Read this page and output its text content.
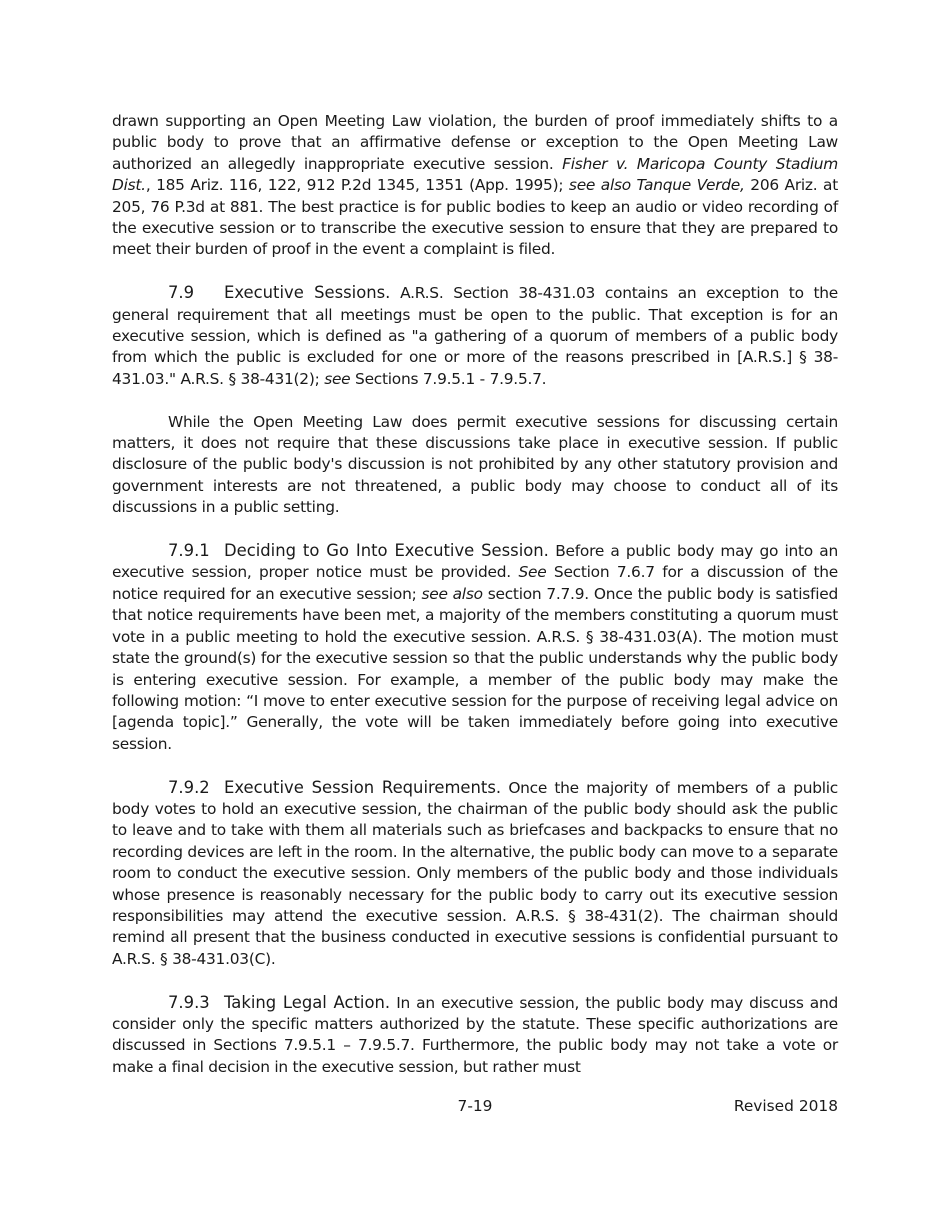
drawn supporting an Open Meeting Law violation, the burden of proof immediately shifts to a public body to prove that an affirmative defense or exception to the Open Meeting Law authorized an allegedly inappropriate executive session. Fisher v. Maricopa County Stadium Dist., 185 Ariz. 116, 122, 912 P.2d 1345, 1351 (App. 1995); see also Tanque Verde, 206 Ariz. at 205, 76 P.3d at 881. The best practice is for public bodies to keep an audio or video recording of the executive session or to transcribe the executive session to ensure that they are prepared to meet their burden of proof in the event a complaint is filed.

7.9 Executive Sessions. A.R.S. Section 38-431.03 contains an exception to the general requirement that all meetings must be open to the public. That exception is for an executive session, which is defined as "a gathering of a quorum of members of a public body from which the public is excluded for one or more of the reasons prescribed in [A.R.S.] § 38-431.03." A.R.S. § 38-431(2); see Sections 7.9.5.1 - 7.9.5.7.

While the Open Meeting Law does permit executive sessions for discussing certain matters, it does not require that these discussions take place in executive session. If public disclosure of the public body's discussion is not prohibited by any other statutory provision and government interests are not threatened, a public body may choose to conduct all of its discussions in a public setting.

7.9.1 Deciding to Go Into Executive Session. Before a public body may go into an executive session, proper notice must be provided. See Section 7.6.7 for a discussion of the notice required for an executive session; see also section 7.7.9. Once the public body is satisfied that notice requirements have been met, a majority of the members constituting a quorum must vote in a public meeting to hold the executive session. A.R.S. § 38-431.03(A). The motion must state the ground(s) for the executive session so that the public understands why the public body is entering executive session. For example, a member of the public body may make the following motion: “I move to enter executive session for the purpose of receiving legal advice on [agenda topic].” Generally, the vote will be taken immediately before going into executive session.

7.9.2 Executive Session Requirements. Once the majority of members of a public body votes to hold an executive session, the chairman of the public body should ask the public to leave and to take with them all materials such as briefcases and backpacks to ensure that no recording devices are left in the room. In the alternative, the public body can move to a separate room to conduct the executive session. Only members of the public body and those individuals whose presence is reasonably necessary for the public body to carry out its executive session responsibilities may attend the executive session. A.R.S. § 38-431(2). The chairman should remind all present that the business conducted in executive sessions is confidential pursuant to A.R.S. § 38-431.03(C).

7.9.3 Taking Legal Action. In an executive session, the public body may discuss and consider only the specific matters authorized by the statute. These specific authorizations are discussed in Sections 7.9.5.1 – 7.9.5.7. Furthermore, the public body may not take a vote or make a final decision in the executive session, but rather must

7-19	Revised 2018
